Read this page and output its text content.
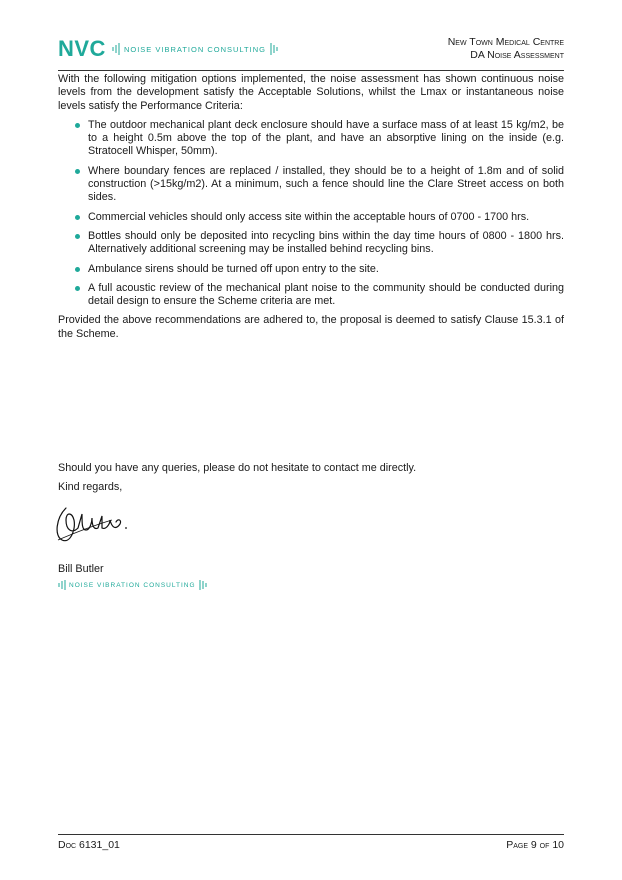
NVC NOISE VIBRATION CONSULTING
New Town Medical Centre
DA Noise Assessment

With the following mitigation options implemented, the noise assessment has shown continuous noise levels from the development satisfy the Acceptable Solutions, whilst the Lmax or instantaneous noise levels satisfy the Performance Criteria:

The outdoor mechanical plant deck enclosure should have a surface mass of at least 15 kg/m2, be to a height 0.5m above the top of the plant, and have an absorptive lining on the inside (e.g. Stratocell Whisper, 50mm).
Where boundary fences are replaced / installed, they should be to a height of 1.8m and of solid construction (>15kg/m2). At a minimum, such a fence should line the Clare Street access on both sides.
Commercial vehicles should only access site within the acceptable hours of 0700 - 1700 hrs.
Bottles should only be deposited into recycling bins within the day time hours of 0800 - 1800 hrs. Alternatively additional screening may be installed behind recycling bins.
Ambulance sirens should be turned off upon entry to the site.
A full acoustic review of the mechanical plant noise to the community should be conducted during detail design to ensure the Scheme criteria are met.

Provided the above recommendations are adhered to, the proposal is deemed to satisfy Clause 15.3.1 of the Scheme.

Should you have any queries, please do not hesitate to contact me directly.

Kind regards,

Bill Butler
NOISE VIBRATION CONSULTING
Doc 6131_01	Page 9 of 10
